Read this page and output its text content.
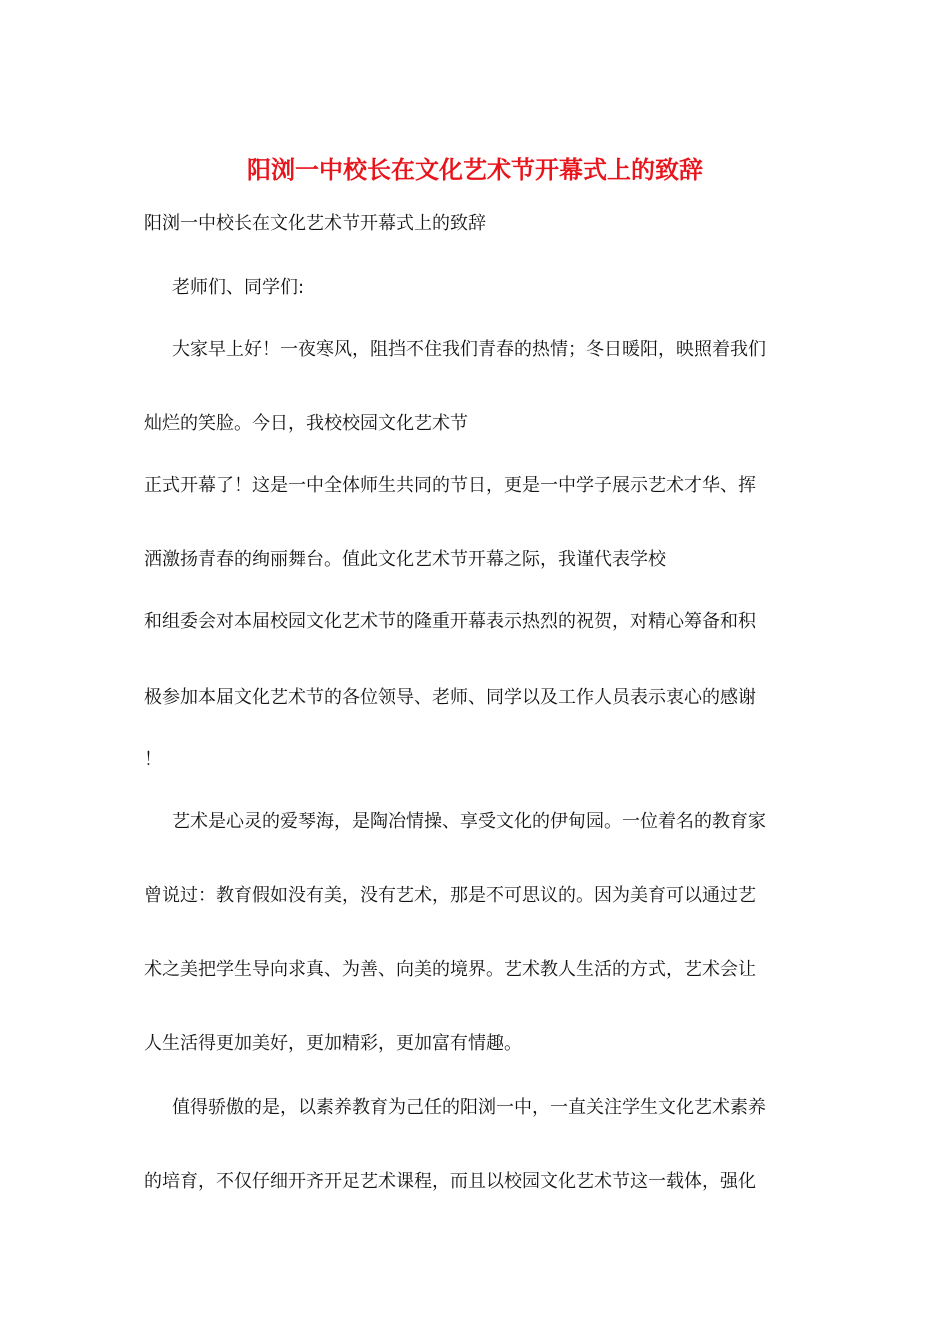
阳浏一中校长在文化艺术节开幕式上的致辞
阳浏一中校长在文化艺术节开幕式上的致辞
老师们、同学们:
大家早上好！一夜寒风，阻挡不住我们青春的热情；冬日暖阳，映照着我们
灿烂的笑脸。今日，我校校园文化艺术节
正式开幕了！这是一中全体师生共同的节日，更是一中学子展示艺术才华、挥
洒激扬青春的绚丽舞台。值此文化艺术节开幕之际，我谨代表学校
和组委会对本届校园文化艺术节的隆重开幕表示热烈的祝贺，对精心筹备和积
极参加本届文化艺术节的各位领导、老师、同学以及工作人员表示衷心的感谢
！
艺术是心灵的爱琴海，是陶冶情操、享受文化的伊甸园。一位着名的教育家
曾说过：教育假如没有美，没有艺术，那是不可思议的。因为美育可以通过艺
术之美把学生导向求真、为善、向美的境界。艺术教人生活的方式，艺术会让
人生活得更加美好，更加精彩，更加富有情趣。
值得骄傲的是，以素养教育为己任的阳浏一中，一直关注学生文化艺术素养
的培育，不仅仔细开齐开足艺术课程，而且以校园文化艺术节这一载体，强化
